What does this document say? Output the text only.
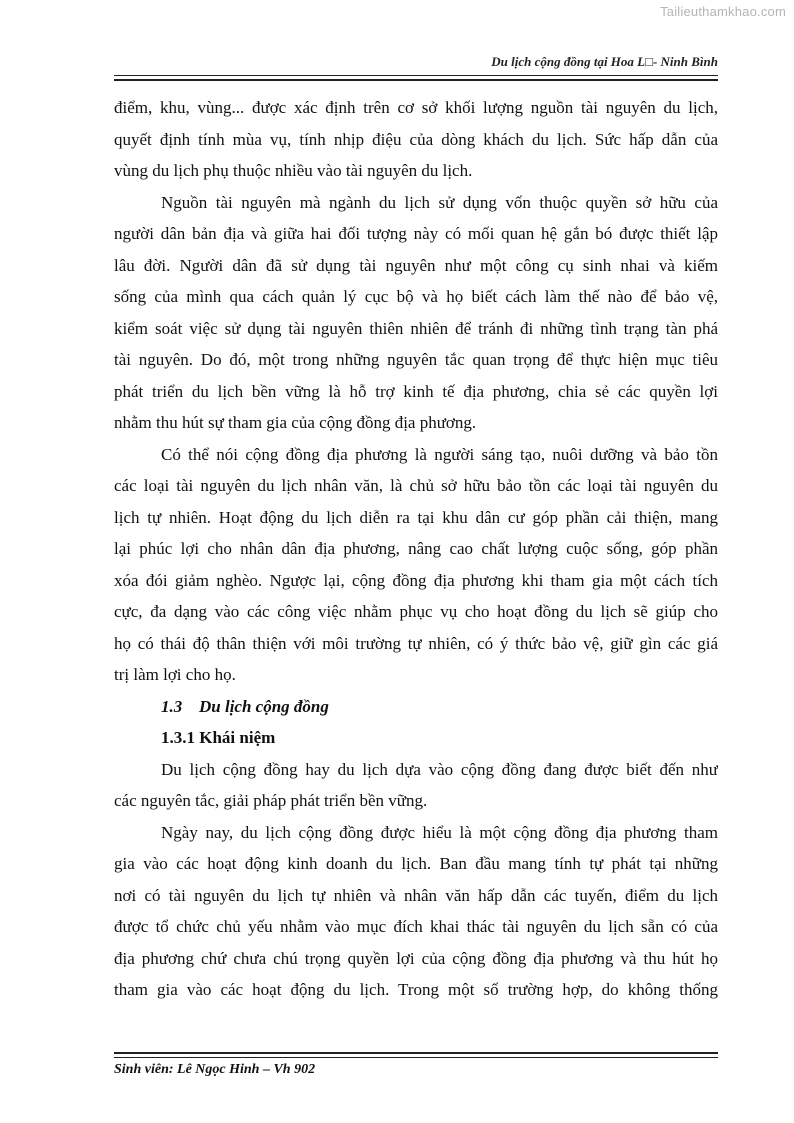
Tailieuthamkhao.com
Du lịch cộng đồng tại Hoa L□- Ninh Bình
điểm, khu, vùng... được xác định trên cơ sở khối lượng nguồn tài nguyên du lịch,
quyết định tính mùa vụ, tính nhịp điệu của dòng khách du lịch. Sức hấp dẫn của
vùng du lịch phụ thuộc nhiều vào tài nguyên du lịch.
Nguồn tài nguyên mà ngành du lịch sử dụng vốn thuộc quyền sở hữu của
người dân bản địa và giữa hai đối tượng này có mối quan hệ gắn bó được thiết lập
lâu đời. Người dân đã sử dụng tài nguyên như một công cụ sinh nhai và kiếm
sống của mình qua cách quản lý cục bộ và họ biết cách làm thế nào để bảo vệ,
kiểm soát việc sử dụng tài nguyên thiên nhiên để tránh đi những tình trạng tàn phá
tài nguyên. Do đó, một trong những nguyên tắc quan trọng để thực hiện mục tiêu
phát triển du lịch bền vững là hỗ trợ kinh tế địa phương, chia sẻ các quyền lợi
nhằm thu hút sự tham gia của cộng đồng địa phương.
Có thể nói cộng đồng địa phương là người sáng tạo, nuôi dưỡng và bảo tồn
các loại tài nguyên du lịch nhân văn, là chủ sở hữu bảo tồn các loại tài nguyên du
lịch tự nhiên. Hoạt động du lịch diễn ra tại khu dân cư góp phần cải thiện, mang
lại phúc lợi cho nhân dân địa phương, nâng cao chất lượng cuộc sống, góp phần
xóa đói giảm nghèo. Ngược lại, cộng đồng địa phương khi tham gia một cách tích
cực, đa dạng vào các công việc nhằm phục vụ cho hoạt đồng du lịch sẽ giúp cho
họ có thái độ thân thiện với môi trường tự nhiên, có ý thức bảo vệ, giữ gìn các giá
trị làm lợi cho họ.
1.3 Du lịch cộng đồng
1.3.1 Khái niệm
Du lịch cộng đồng hay du lịch dựa vào cộng đồng đang được biết đến như
các nguyên tắc, giải pháp phát triển bền vững.
Ngày nay, du lịch cộng đồng được hiểu là một cộng đồng địa phương tham
gia vào các hoạt động kinh doanh du lịch. Ban đầu mang tính tự phát tại những
nơi có tài nguyên du lịch tự nhiên và nhân văn hấp dẫn các tuyến, điểm du lịch
được tổ chức chủ yếu nhằm vào mục đích khai thác tài nguyên du lịch sẵn có của
địa phương chứ chưa chú trọng quyền lợi của cộng đồng địa phương và thu hút họ
tham gia vào các hoạt động du lịch. Trong một số trường hợp, do không thống
Sinh viên: Lê Ngọc Hinh – Vh 902
